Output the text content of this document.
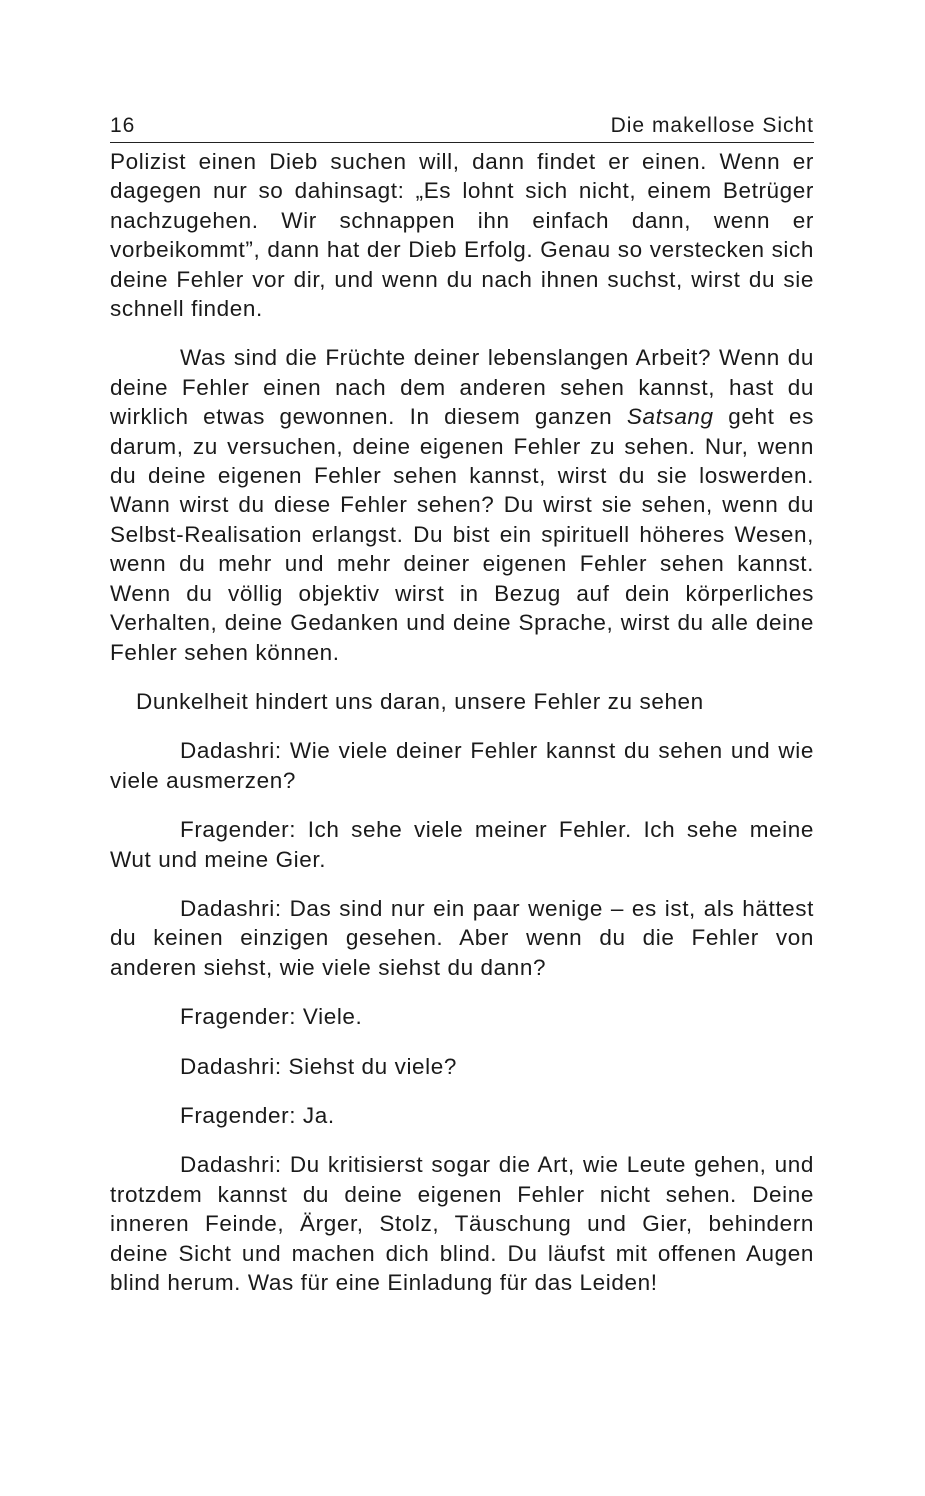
16	Die makellose Sicht

Polizist einen Dieb suchen will, dann findet er einen. Wenn er dagegen nur so dahinsagt: „Es lohnt sich nicht, einem Betrüger nachzugehen. Wir schnappen ihn einfach dann, wenn er vorbeikommt”, dann hat der Dieb Erfolg. Genau so verstecken sich deine Fehler vor dir, und wenn du nach ihnen suchst, wirst du sie schnell finden.

Was sind die Früchte deiner lebenslangen Arbeit? Wenn du deine Fehler einen nach dem anderen sehen kannst, hast du wirklich etwas gewonnen. In diesem ganzen Satsang geht es darum, zu versuchen, deine eigenen Fehler zu sehen. Nur, wenn du deine eigenen Fehler sehen kannst, wirst du sie loswerden. Wann wirst du diese Fehler sehen? Du wirst sie sehen, wenn du Selbst-Realisation erlangst. Du bist ein spirituell höheres Wesen, wenn du mehr und mehr deiner eigenen Fehler sehen kannst. Wenn du völlig objektiv wirst in Bezug auf dein körperliches Verhalten, deine Gedanken und deine Sprache, wirst du alle deine Fehler sehen können.

Dunkelheit hindert uns daran, unsere Fehler zu sehen

Dadashri: Wie viele deiner Fehler kannst du sehen und wie viele ausmerzen?

Fragender: Ich sehe viele meiner Fehler. Ich sehe meine Wut und meine Gier.

Dadashri: Das sind nur ein paar wenige – es ist, als hättest du keinen einzigen gesehen. Aber wenn du die Fehler von anderen siehst, wie viele siehst du dann?

Fragender: Viele.

Dadashri: Siehst du viele?

Fragender: Ja.

Dadashri: Du kritisierst sogar die Art, wie Leute gehen, und trotzdem kannst du deine eigenen Fehler nicht sehen. Deine inneren Feinde, Ärger, Stolz, Täuschung und Gier, behindern deine Sicht und machen dich blind. Du läufst mit offenen Augen blind herum. Was für eine Einladung für das Leiden!
